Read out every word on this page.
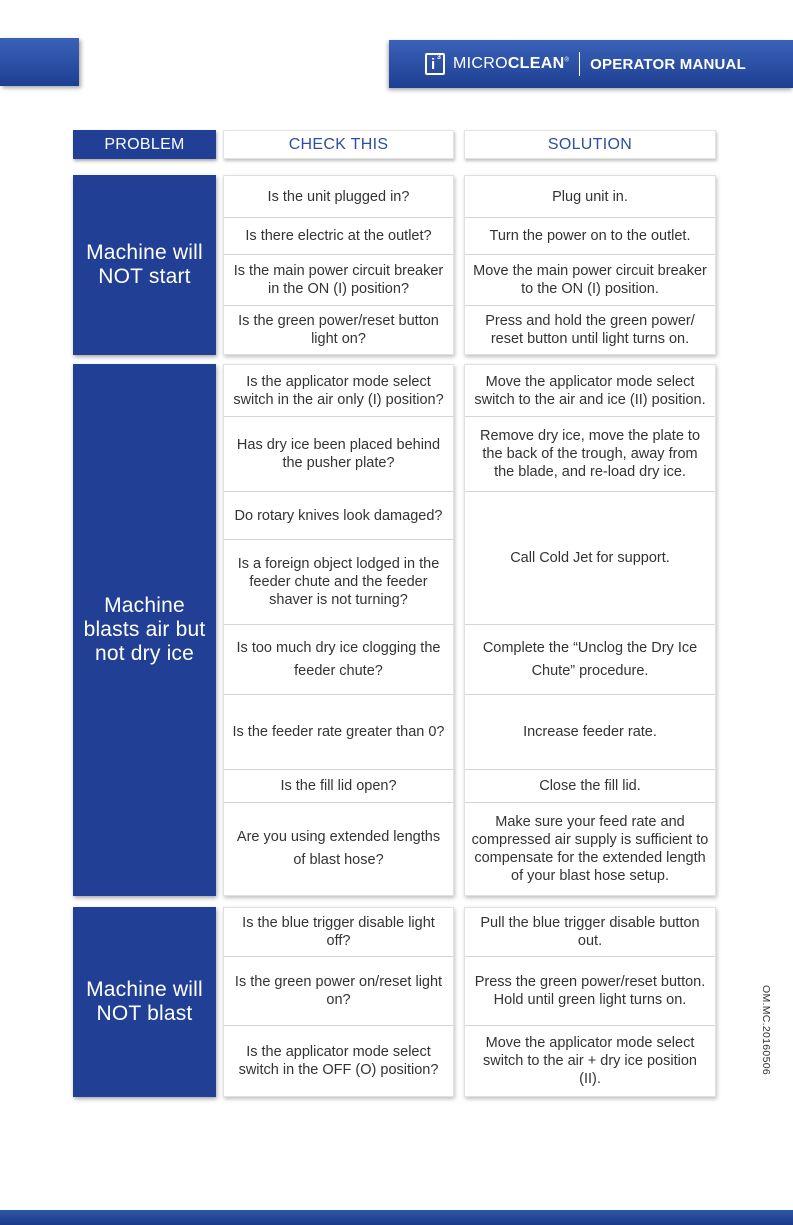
i 3 MICROCLEAN® OPERATOR MANUAL
PROBLEM	CHECK THIS	SOLUTION
Machine will
NOT start
Is the unit plugged in?
Is there electric at the outlet?
Is the main power circuit breaker in the ON (I) position?
Is the green power/reset button light on?
Plug unit in.
Turn the power on to the outlet.
Move the main power circuit breaker to the ON (I) position.
Press and hold the green power/ reset button until light turns on.
Machine
blasts air but
not dry ice
Is the applicator mode select switch in the air only (I) position?
Has dry ice been placed behind the pusher plate?
Do rotary knives look damaged?
Is a foreign object lodged in the feeder chute and the feeder shaver is not turning?
Is too much dry ice clogging the feeder chute?
Is the feeder rate greater than 0?
Is the fill lid open?
Are you using extended lengths of blast hose?
Move the applicator mode select switch to the air and ice (II) position.
Remove dry ice, move the plate to the back of the trough, away from the blade, and re-load dry ice.
Call Cold Jet for support.
Complete the “Unclog the Dry Ice Chute” procedure.
Increase feeder rate.
Close the fill lid.
Make sure your feed rate and compressed air supply is sufficient to compensate for the extended length of your blast hose setup.
Machine will
NOT blast
Is the blue trigger disable light off?
Is the green power on/reset light on?
Is the applicator mode select switch in the OFF (O) position?
Pull the blue trigger disable button out.
Press the green power/reset button. Hold until green light turns on.
Move the applicator mode select switch to the air + dry ice position (II).
OM.MC.20160506
